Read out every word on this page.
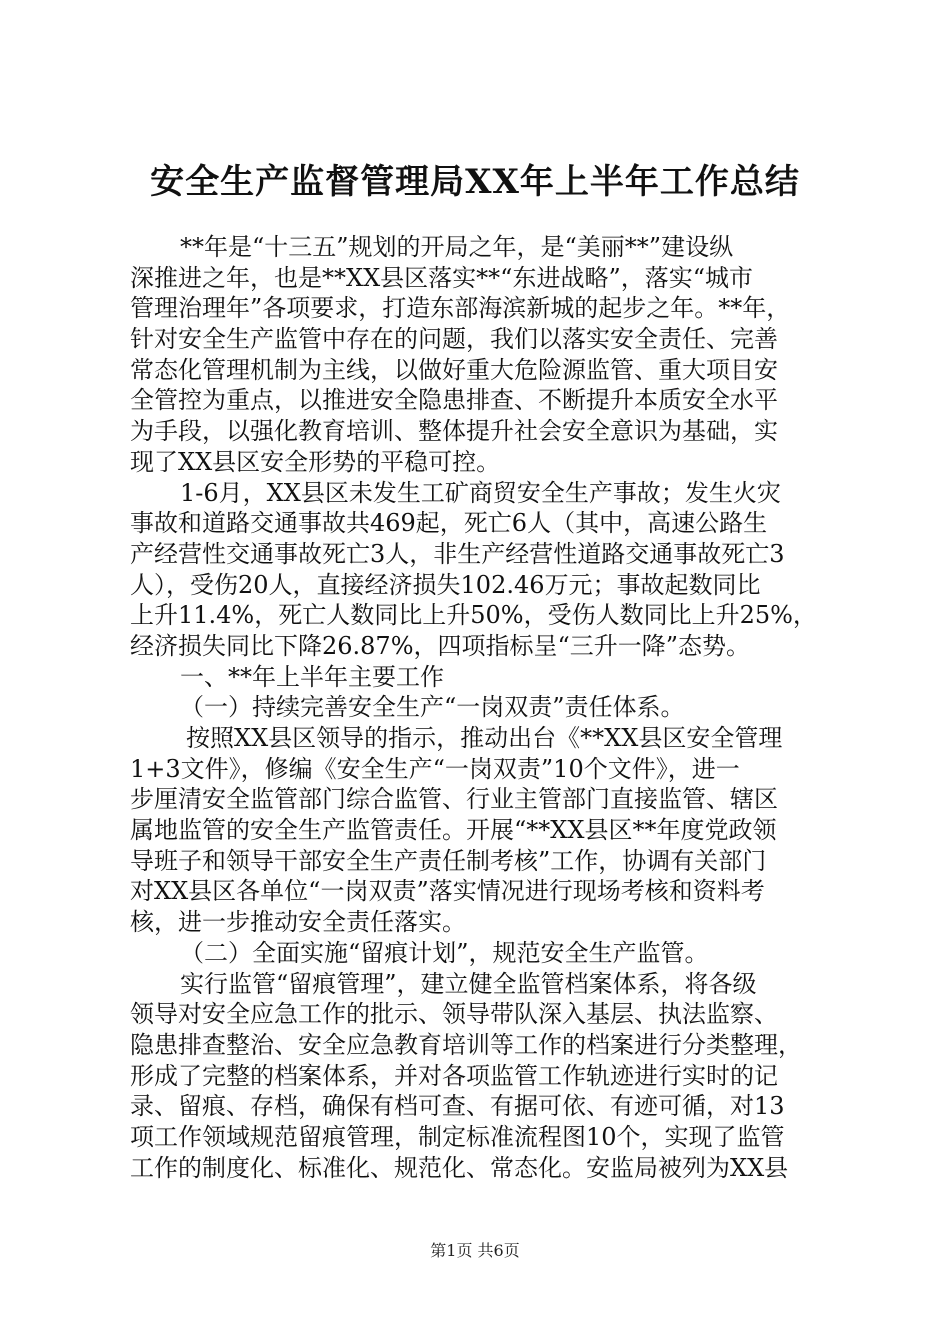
安全生产监督管理局XX年上半年工作总结
**年是“十三五”规划的开局之年，是“美丽**”建设纵
深推进之年，也是**XX县区落实**“东进战略”，落实“城市
管理治理年”各项要求，打造东部海滨新城的起步之年。**年，
针对安全生产监管中存在的问题，我们以落实安全责任、完善
常态化管理机制为主线，以做好重大危险源监管、重大项目安
全管控为重点，以推进安全隐患排查、不断提升本质安全水平
为手段，以强化教育培训、整体提升社会安全意识为基础，实
现了XX县区安全形势的平稳可控。
1-6月，XX县区未发生工矿商贸安全生产事故；发生火灾
事故和道路交通事故共469起，死亡6人（其中，高速公路生
产经营性交通事故死亡3人，非生产经营性道路交通事故死亡3
人），受伤20人，直接经济损失102.46万元；事故起数同比
上升11.4%，死亡人数同比上升50%，受伤人数同比上升25%，
经济损失同比下降26.87%，四项指标呈“三升一降”态势。
一、**年上半年主要工作
（一）持续完善安全生产“一岗双责”责任体系。
按照XX县区领导的指示，推动出台《**XX县区安全管理
1+3文件》，修编《安全生产“一岗双责”10个文件》，进一
步厘清安全监管部门综合监管、行业主管部门直接监管、辖区
属地监管的安全生产监管责任。开展“**XX县区**年度党政领
导班子和领导干部安全生产责任制考核”工作，协调有关部门
对XX县区各单位“一岗双责”落实情况进行现场考核和资料考
核，进一步推动安全责任落实。
（二）全面实施“留痕计划”，规范安全生产监管。
实行监管“留痕管理”，建立健全监管档案体系，将各级
领导对安全应急工作的批示、领导带队深入基层、执法监察、
隐患排查整治、安全应急教育培训等工作的档案进行分类整理，
形成了完整的档案体系，并对各项监管工作轨迹进行实时的记
录、留痕、存档，确保有档可查、有据可依、有迹可循，对13
项工作领域规范留痕管理，制定标准流程图10个，实现了监管
工作的制度化、标准化、规范化、常态化。安监局被列为XX县
第1页 共6页
